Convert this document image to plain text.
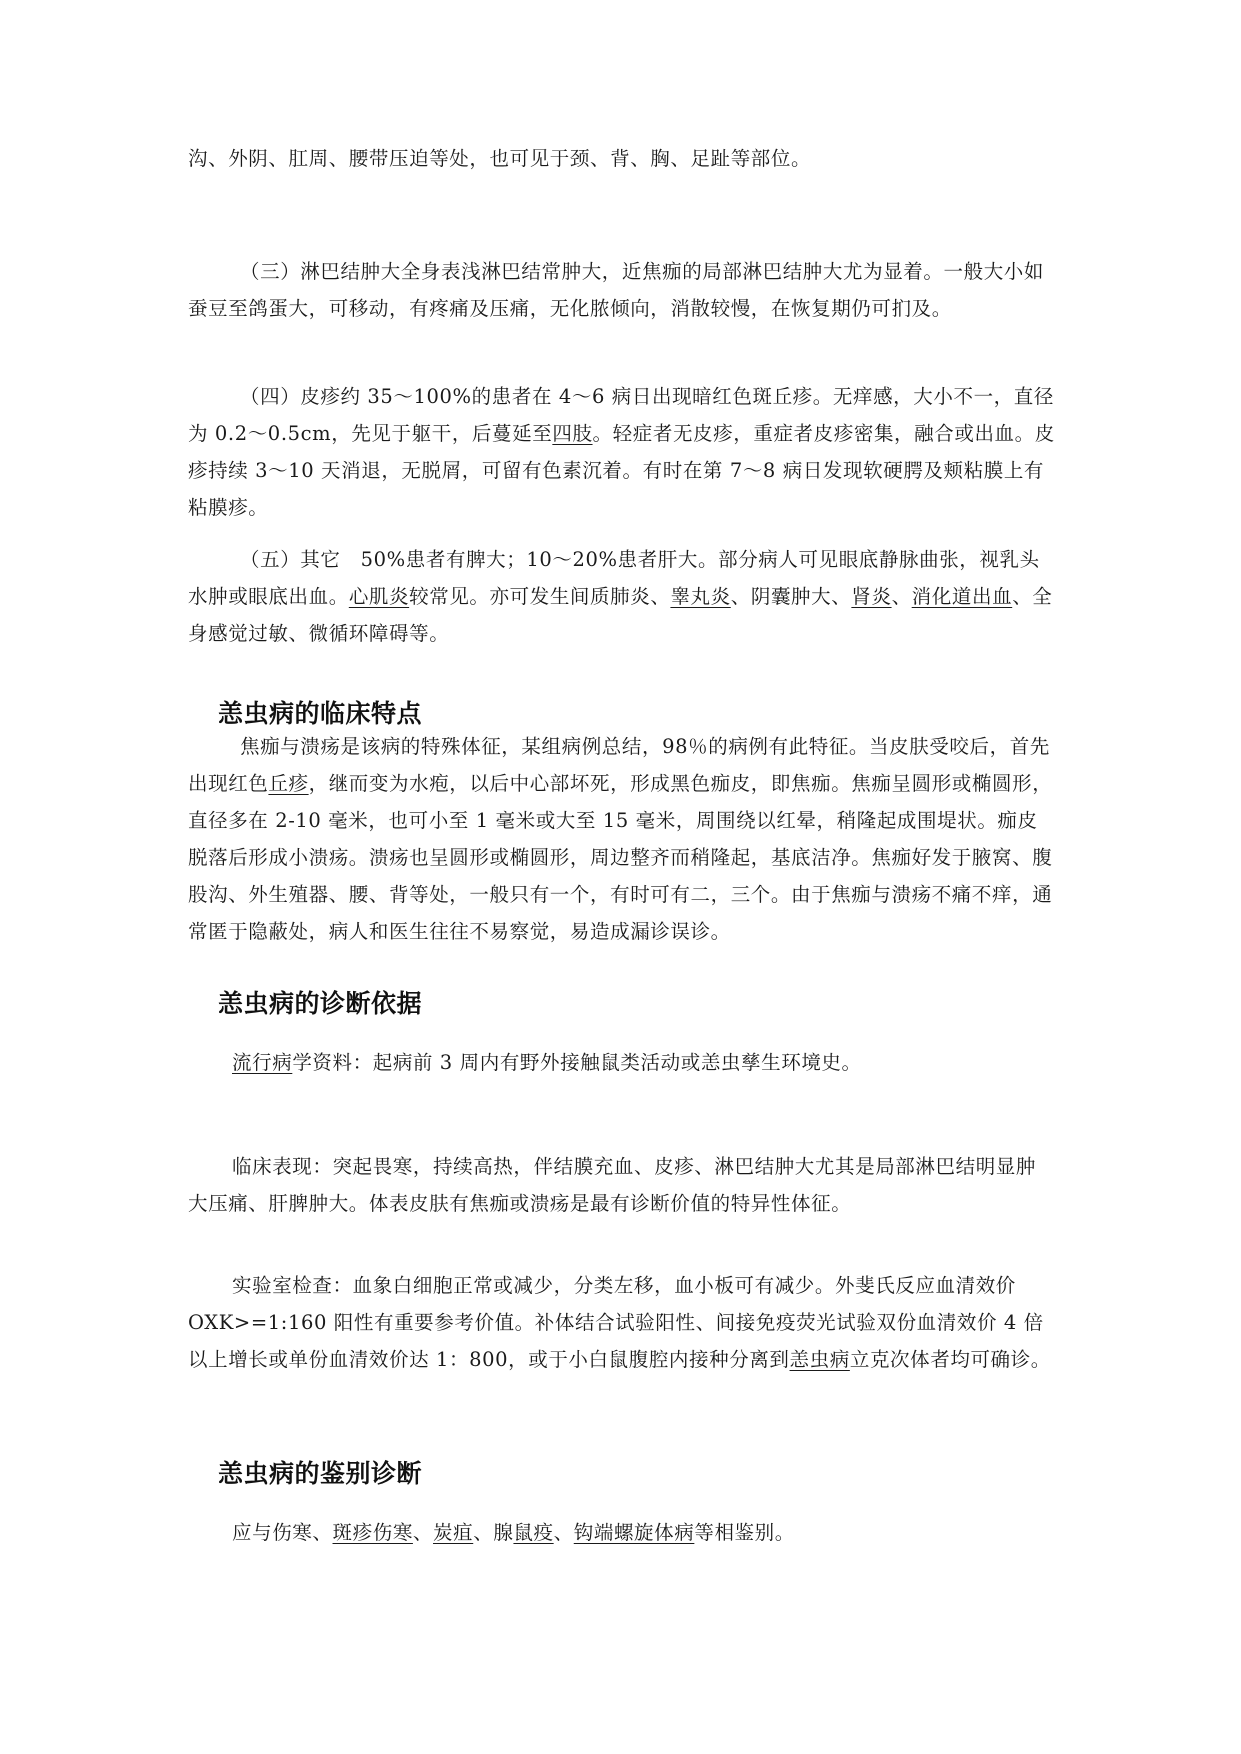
沟、外阴、肛周、腰带压迫等处，也可见于颈、背、胸、足趾等部位。
（三）淋巴结肿大全身表浅淋巴结常肿大，近焦痂的局部淋巴结肿大尤为显着。一般大小如蚕豆至鸽蛋大，可移动，有疼痛及压痛，无化脓倾向，消散较慢，在恢复期仍可扪及。
（四）皮疹约 35～100%的患者在 4～6 病日出现暗红色斑丘疹。无痒感，大小不一，直径为 0.2～0.5cm，先见于躯干，后蔓延至四肢。轻症者无皮疹，重症者皮疹密集，融合或出血。皮疹持续 3～10 天消退，无脱屑，可留有色素沉着。有时在第 7～8 病日发现软硬腭及颊粘膜上有粘膜疹。
（五）其它　50%患者有脾大；10～20%患者肝大。部分病人可见眼底静脉曲张，视乳头水肿或眼底出血。心肌炎较常见。亦可发生间质肺炎、睾丸炎、阴囊肿大、肾炎、消化道出血、全身感觉过敏、微循环障碍等。
恙虫病的临床特点
焦痂与溃疡是该病的特殊体征，某组病例总结，98％的病例有此特征。当皮肤受咬后，首先出现红色丘疹，继而变为水疱，以后中心部坏死，形成黑色痂皮，即焦痂。焦痂呈圆形或椭圆形，直径多在 2-10 毫米，也可小至 1 毫米或大至 15 毫米，周围绕以红晕，稍隆起成围堤状。痂皮脱落后形成小溃疡。溃疡也呈圆形或椭圆形，周边整齐而稍隆起，基底洁净。焦痂好发于腋窝、腹股沟、外生殖器、腰、背等处，一般只有一个，有时可有二，三个。由于焦痂与溃疡不痛不痒，通常匿于隐蔽处，病人和医生往往不易察觉，易造成漏诊误诊。
恙虫病的诊断依据
流行病学资料：起病前 3 周内有野外接触鼠类活动或恙虫孳生环境史。
临床表现：突起畏寒，持续高热，伴结膜充血、皮疹、淋巴结肿大尤其是局部淋巴结明显肿大压痛、肝脾肿大。体表皮肤有焦痂或溃疡是最有诊断价值的特异性体征。
实验室检查：血象白细胞正常或减少，分类左移，血小板可有减少。外斐氏反应血清效价 OXK>=1:160 阳性有重要参考价值。补体结合试验阳性、间接免疫荧光试验双份血清效价 4 倍以上增长或单份血清效价达 1：800，或于小白鼠腹腔内接种分离到恙虫病立克次体者均可确诊。
恙虫病的鉴别诊断
应与伤寒、斑疹伤寒、炭疽、腺鼠疫、钩端螺旋体病等相鉴别。
